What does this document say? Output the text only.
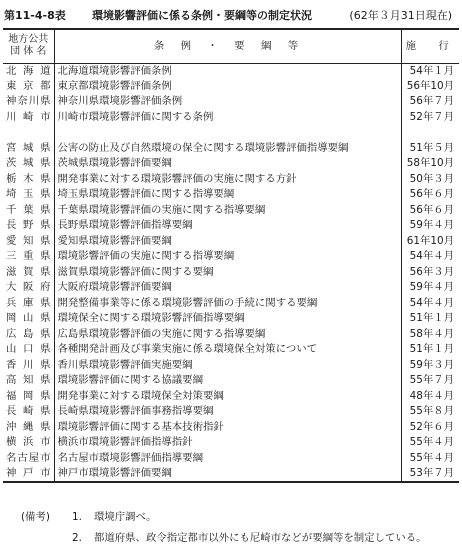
第11-4-8表 環境影響評価に係る条例・要綱等の制定状況	(62年３月31日現在)
地方公共
団 体 名	条　例　・　要　綱　等	施　行
北海道	北海道環境影響評価条例	54年１月
東京都	東京都環境影響評価条例	56年10月
神奈川県	神奈川県環境影響評価条例	56年７月
川崎市	川崎市環境影響評価に関する条例	52年７月

宮城県	公害の防止及び自然環境の保全に関する環境影響評価指導要綱	51年５月
茨城県	茨城県環境影響評価要綱	58年10月
栃木県	開発事業に対する環境影響評価の実施に関する方針	50年３月
埼玉県	埼玉県環境影響評価に関する指導要綱	56年６月
千葉県	千葉県環境影響評価の実施に関する指導要綱	56年６月
長野県	長野県環境影響評価指導要綱	59年４月
愛知県	愛知県環境影響評価要綱	61年10月
三重県	環境影響評価の実施に関する指導要綱	54年４月
滋賀県	滋賀県環境影響評価に関する要綱	56年３月
大阪府	大阪府環境影響評価要綱	59年４月
兵庫県	開発整備事業等に係る環境影響評価の手続に関する要綱	54年４月
岡山県	環境保全に関する環境影響評価指導要綱	51年１月
広島県	広島県環境影響評価の実施に関する指導要綱	58年４月
山口県	各種開発計画及び事業実施に係る環境保全対策について	51年１月
香川県	香川県環境影響評価実施要綱	59年３月
高知県	環境影響評価に関する協議要綱	55年７月
福岡県	開発事業に対する環境保全対策要綱	48年４月
長崎県	長崎県環境影響評価事務指導要綱	55年８月
沖縄県	環境影響評価に関する基本技術指針	52年６月
横浜市	横浜市環境影響評価指導指針	55年４月
名古屋市	名古屋市環境影響評価指導要綱	55年４月
神戸市	神戸市環境影響評価要綱	53年７月
(備考) 1. 環境庁調べ。
2. 都道府県、政令指定都市以外にも尼崎市などが要綱等を制定している。
